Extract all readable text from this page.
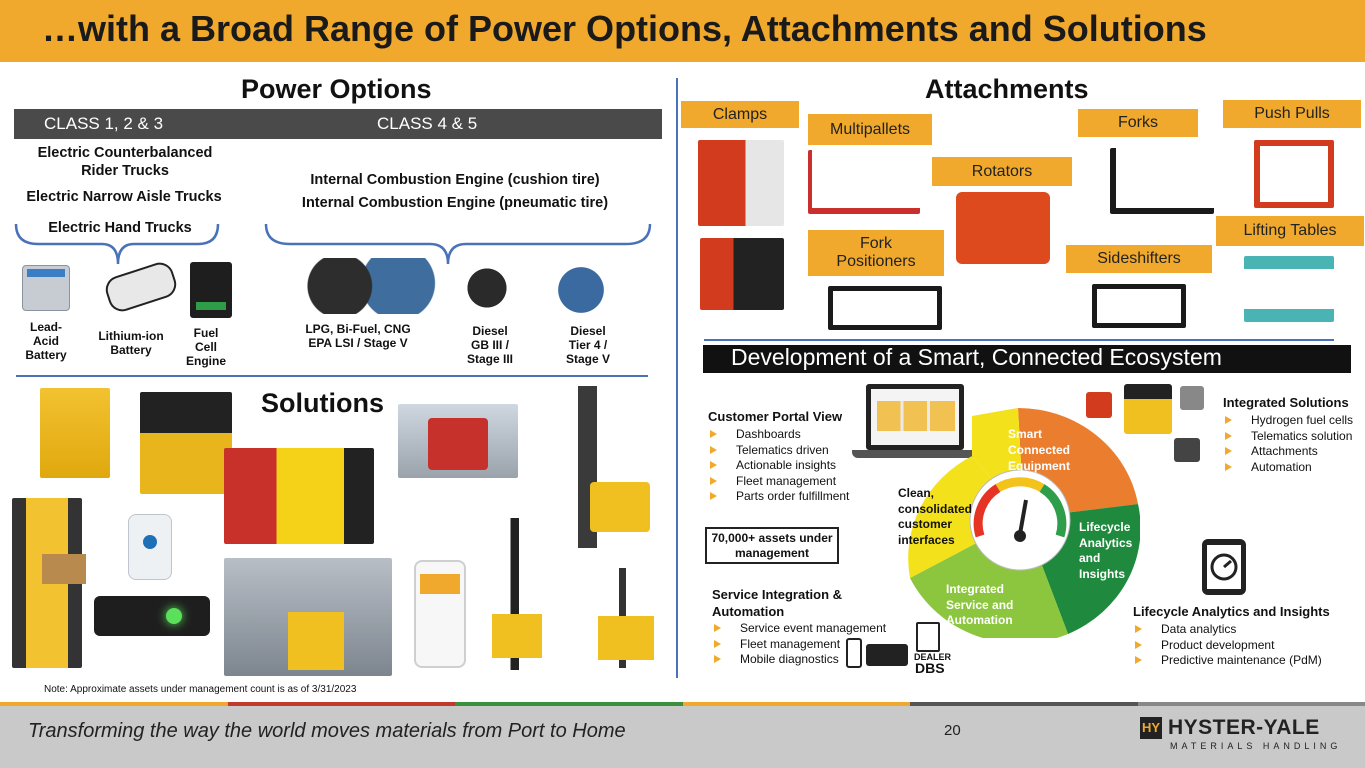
…with a Broad Range of Power Options, Attachments and Solutions
Power Options
CLASS 1, 2 & 3	CLASS 4 & 5
Electric Counterbalanced Rider Trucks
Electric Narrow Aisle Trucks
Electric Hand Trucks
Internal Combustion Engine (cushion tire)
Internal Combustion Engine (pneumatic tire)
Lead-Acid Battery
Lithium-ion Battery
Fuel Cell Engine
LPG, Bi-Fuel, CNG EPA LSI / Stage V
Diesel GB III / Stage III
Diesel Tier 4 / Stage V
Solutions
Note: Approximate assets under management count is as of 3/31/2023
Attachments
Clamps
Multipallets
Rotators
Forks
Push Pulls
Fork Positioners	Sideshifters
Lifting Tables
Development of a Smart, Connected Ecosystem
Customer Portal View
Dashboards
Telematics driven
Actionable insights
Fleet management
Parts order fulfillment
70,000+ assets under management
Smart Connected Equipment
Lifecycle Analytics and Insights
Integrated Service and Automation
Clean, consolidated customer interfaces
Service Integration & Automation
Service event management
Fleet management
Mobile diagnostics	DEALER
DBS
Integrated Solutions
Hydrogen fuel cells
Telematics solution
Attachments
Automation
Lifecycle Analytics and Insights
Data analytics
Product development
Predictive maintenance (PdM)
Transforming the way the world moves materials from Port to Home	20	HY HYSTER-YALE
MATERIALS HANDLING
